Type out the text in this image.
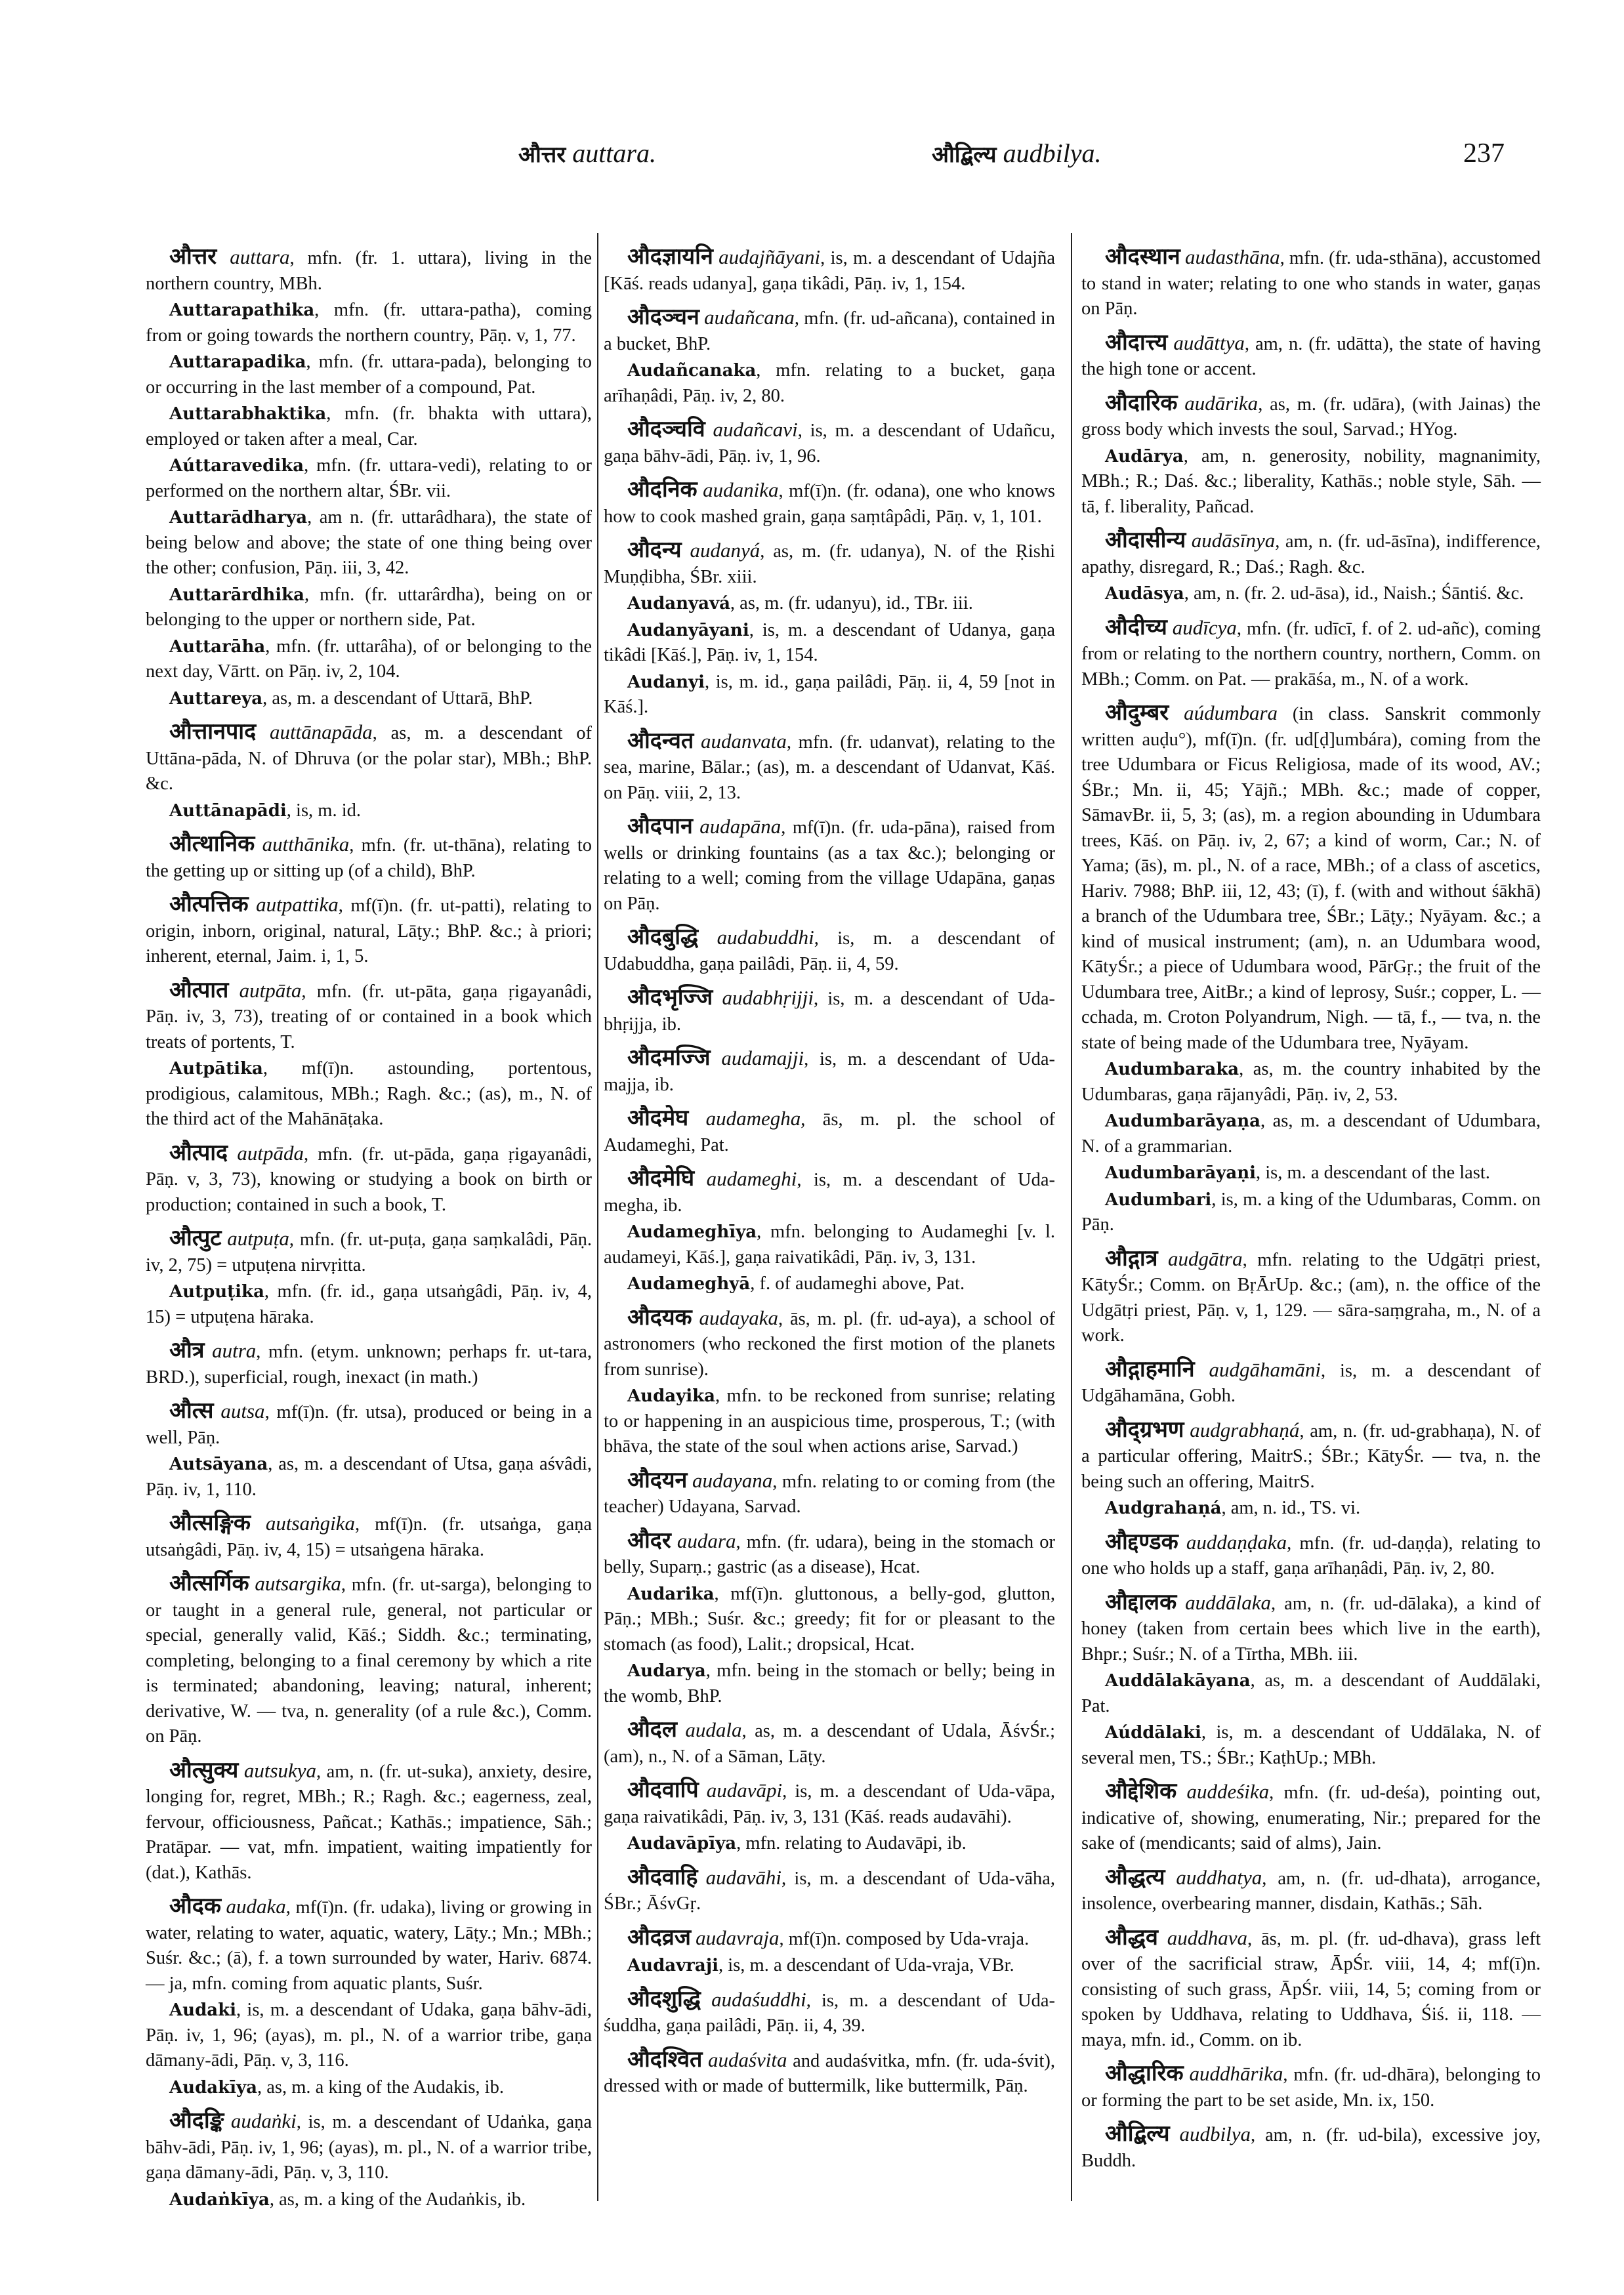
औत्तर auttara.	औद्बिल्य audbilya.	237

औत्तर auttara, mfn. (fr. 1. uttara), living in the northern country, MBh.

Auttarapathika, mfn. (fr. uttara-patha), coming from or going towards the northern country, Pāṇ. v, 1, 77.

Auttarapadika, mfn. (fr. uttara-pada), belonging to or occurring in the last member of a compound, Pat.

Auttarabhaktika, mfn. (fr. bhakta with uttara), employed or taken after a meal, Car.

Aúttaravedika, mfn. (fr. uttara-vedi), relating to or performed on the northern altar, ŚBr. vii.

Auttarādharya, am n. (fr. uttarâdhara), the state of being below and above; the state of one thing being over the other; confusion, Pāṇ. iii, 3, 42.

Auttarārdhika, mfn. (fr. uttarârdha), being on or belonging to the upper or northern side, Pat.

Auttarāha, mfn. (fr. uttarâha), of or belonging to the next day, Vārtt. on Pāṇ. iv, 2, 104.

Auttareya, as, m. a descendant of Uttarā, BhP.

औत्तानपाद auttānapāda, as, m. a descendant of Uttāna-pāda, N. of Dhruva (or the polar star), MBh.; BhP. &c.

Auttānapādi, is, m. id.

औत्थानिक autthānika, mfn. (fr. ut-thāna), relating to the getting up or sitting up (of a child), BhP.

औत्पत्तिक autpattika, mf(ī)n. (fr. ut-patti), relating to origin, inborn, original, natural, Lāṭy.; BhP. &c.; à priori; inherent, eternal, Jaim. i, 1, 5.

औत्पात autpāta, mfn. (fr. ut-pāta, gaṇa ṛigayanâdi, Pāṇ. iv, 3, 73), treating of or contained in a book which treats of portents, T.

Autpātika, mf(ī)n. astounding, portentous, prodigious, calamitous, MBh.; Ragh. &c.; (as), m., N. of the third act of the Mahānāṭaka.

औत्पाद autpāda, mfn. (fr. ut-pāda, gaṇa ṛigayanâdi, Pāṇ. v, 3, 73), knowing or studying a book on birth or production; contained in such a book, T.

औत्पुट autpuṭa, mfn. (fr. ut-puṭa, gaṇa saṃkalâdi, Pāṇ. iv, 2, 75) = utpuṭena nirvṛitta.

Autpuṭika, mfn. (fr. id., gaṇa utsaṅgâdi, Pāṇ. iv, 4, 15) = utpuṭena hāraka.

औत्र autra, mfn. (etym. unknown; perhaps fr. ut-tara, BRD.), superficial, rough, inexact (in math.)

औत्स autsa, mf(ī)n. (fr. utsa), produced or being in a well, Pāṇ.

Autsāyana, as, m. a descendant of Utsa, gaṇa aśvâdi, Pāṇ. iv, 1, 110.

औत्सङ्गिक autsaṅgika, mf(ī)n. (fr. utsaṅga, gaṇa utsaṅgâdi, Pāṇ. iv, 4, 15) = utsaṅgena hāraka.

औत्सर्गिक autsargika, mfn. (fr. ut-sarga), belonging to or taught in a general rule, general, not particular or special, generally valid, Kāś.; Siddh. &c.; terminating, completing, belonging to a final ceremony by which a rite is terminated; abandoning, leaving; natural, inherent; derivative, W. — tva, n. generality (of a rule &c.), Comm. on Pāṇ.

औत्सुक्य autsukya, am, n. (fr. ut-suka), anxiety, desire, longing for, regret, MBh.; R.; Ragh. &c.; eagerness, zeal, fervour, officiousness, Pañcat.; Kathās.; impatience, Sāh.; Pratāpar. — vat, mfn. impatient, waiting impatiently for (dat.), Kathās.

औदक audaka, mf(ī)n. (fr. udaka), living or growing in water, relating to water, aquatic, watery, Lāṭy.; Mn.; MBh.; Suśr. &c.; (ā), f. a town surrounded by water, Hariv. 6874. — ja, mfn. coming from aquatic plants, Suśr.

Audaki, is, m. a descendant of Udaka, gaṇa bāhv-ādi, Pāṇ. iv, 1, 96; (ayas), m. pl., N. of a warrior tribe, gaṇa dāmany-ādi, Pāṇ. v, 3, 116.

Audakīya, as, m. a king of the Audakis, ib.

औदङ्कि audaṅki, is, m. a descendant of Udaṅka, gaṇa bāhv-ādi, Pāṇ. iv, 1, 96; (ayas), m. pl., N. of a warrior tribe, gaṇa dāmany-ādi, Pāṇ. v, 3, 110.

Audaṅkīya, as, m. a king of the Audaṅkis, ib.

औदज्ञायनि audajñāyani, is, m. a descendant of Udajña [Kāś. reads udanya], gaṇa tikâdi, Pāṇ. iv, 1, 154.

औदञ्चन audañcana, mfn. (fr. ud-añcana), contained in a bucket, BhP.

Audañcanaka, mfn. relating to a bucket, gaṇa arīhaṇâdi, Pāṇ. iv, 2, 80.

औदञ्चवि audañcavi, is, m. a descendant of Udañcu, gaṇa bāhv-ādi, Pāṇ. iv, 1, 96.

औदनिक audanika, mf(ī)n. (fr. odana), one who knows how to cook mashed grain, gaṇa saṃtâpâdi, Pāṇ. v, 1, 101.

औदन्य audanyá, as, m. (fr. udanya), N. of the Ṛishi Muṇḍibha, ŚBr. xiii.

Audanyavá, as, m. (fr. udanyu), id., TBr. iii.

Audanyāyani, is, m. a descendant of Udanya, gaṇa tikâdi [Kāś.], Pāṇ. iv, 1, 154.

Audanyi, is, m. id., gaṇa pailâdi, Pāṇ. ii, 4, 59 [not in Kāś.].

औदन्वत audanvata, mfn. (fr. udanvat), relating to the sea, marine, Bālar.; (as), m. a descendant of Udanvat, Kāś. on Pāṇ. viii, 2, 13.

औदपान audapāna, mf(ī)n. (fr. uda-pāna), raised from wells or drinking fountains (as a tax &c.); belonging or relating to a well; coming from the village Udapāna, gaṇas on Pāṇ.

औदबुद्धि audabuddhi, is, m. a descendant of Udabuddha, gaṇa pailâdi, Pāṇ. ii, 4, 59.

औदभृज्जि audabhṛijji, is, m. a descendant of Uda-bhṛijja, ib.

औदमज्जि audamajji, is, m. a descendant of Uda-majja, ib.

औदमेघ audamegha, ās, m. pl. the school of Audameghi, Pat.

औदमेघि audameghi, is, m. a descendant of Uda-megha, ib.

Audameghīya, mfn. belonging to Audameghi [v. l. audameyi, Kāś.], gaṇa raivatikâdi, Pāṇ. iv, 3, 131.

Audameghyā, f. of audameghi above, Pat.

औदयक audayaka, ās, m. pl. (fr. ud-aya), a school of astronomers (who reckoned the first motion of the planets from sunrise).

Audayika, mfn. to be reckoned from sunrise; relating to or happening in an auspicious time, prosperous, T.; (with bhāva, the state of the soul when actions arise, Sarvad.)

औदयन audayana, mfn. relating to or coming from (the teacher) Udayana, Sarvad.

औदर audara, mfn. (fr. udara), being in the stomach or belly, Suparṇ.; gastric (as a disease), Hcat.

Audarika, mf(ī)n. gluttonous, a belly-god, glutton, Pāṇ.; MBh.; Suśr. &c.; greedy; fit for or pleasant to the stomach (as food), Lalit.; dropsical, Hcat.

Audarya, mfn. being in the stomach or belly; being in the womb, BhP.

औदल audala, as, m. a descendant of Udala, ĀśvŚr.; (am), n., N. of a Sāman, Lāṭy.

औदवापि audavāpi, is, m. a descendant of Uda-vāpa, gaṇa raivatikâdi, Pāṇ. iv, 3, 131 (Kāś. reads audavāhi).

Audavāpīya, mfn. relating to Audavāpi, ib.

औदवाहि audavāhi, is, m. a descendant of Uda-vāha, ŚBr.; ĀśvGṛ.

औदव्रज audavraja, mf(ī)n. composed by Uda-vraja.

Audavraji, is, m. a descendant of Uda-vraja, VBr.

औदशुद्धि audaśuddhi, is, m. a descendant of Uda-śuddha, gaṇa pailâdi, Pāṇ. ii, 4, 39.

औदश्वित audaśvita and audaśvitka, mfn. (fr. uda-śvit), dressed with or made of buttermilk, like buttermilk, Pāṇ.

औदस्थान audasthāna, mfn. (fr. uda-sthāna), accustomed to stand in water; relating to one who stands in water, gaṇas on Pāṇ.

औदात्त्य audāttya, am, n. (fr. udātta), the state of having the high tone or accent.

औदारिक audārika, as, m. (fr. udāra), (with Jainas) the gross body which invests the soul, Sarvad.; HYog.

Audārya, am, n. generosity, nobility, magnanimity, MBh.; R.; Daś. &c.; liberality, Kathās.; noble style, Sāh. — tā, f. liberality, Pañcad.

औदासीन्य audāsīnya, am, n. (fr. ud-āsīna), indifference, apathy, disregard, R.; Daś.; Ragh. &c.

Audāsya, am, n. (fr. 2. ud-āsa), id., Naish.; Śāntiś. &c.

औदीच्य audīcya, mfn. (fr. udīcī, f. of 2. ud-añc), coming from or relating to the northern country, northern, Comm. on MBh.; Comm. on Pat. — prakāśa, m., N. of a work.

औदुम्बर aúdumbara (in class. Sanskrit commonly written auḍu°), mf(ī)n. (fr. ud[ḍ]umbára), coming from the tree Udumbara or Ficus Religiosa, made of its wood, AV.; ŚBr.; Mn. ii, 45; Yājñ.; MBh. &c.; made of copper, SāmavBr. ii, 5, 3; (as), m. a region abounding in Udumbara trees, Kāś. on Pāṇ. iv, 2, 67; a kind of worm, Car.; N. of Yama; (ās), m. pl., N. of a race, MBh.; of a class of ascetics, Hariv. 7988; BhP. iii, 12, 43; (ī), f. (with and without śākhā) a branch of the Udumbara tree, ŚBr.; Lāṭy.; Nyāyam. &c.; a kind of musical instrument; (am), n. an Udumbara wood, KātyŚr.; a piece of Udumbara wood, PārGṛ.; the fruit of the Udumbara tree, AitBr.; a kind of leprosy, Suśr.; copper, L. — cchada, m. Croton Polyandrum, Nigh. — tā, f., — tva, n. the state of being made of the Udumbara tree, Nyāyam.

Audumbaraka, as, m. the country inhabited by the Udumbaras, gaṇa rājanyâdi, Pāṇ. iv, 2, 53.

Audumbarāyaṇa, as, m. a descendant of Udumbara, N. of a grammarian.

Audumbarāyaṇi, is, m. a descendant of the last.

Audumbari, is, m. a king of the Udumbaras, Comm. on Pāṇ.

औद्गात्र audgātra, mfn. relating to the Udgātṛi priest, KātyŚr.; Comm. on BṛĀrUp. &c.; (am), n. the office of the Udgātṛi priest, Pāṇ. v, 1, 129. — sāra-saṃgraha, m., N. of a work.

औद्गाहमानि audgāhamāni, is, m. a descendant of Udgāhamāna, Gobh.

औद्ग्रभण audgrabhaṇá, am, n. (fr. ud-grabhaṇa), N. of a particular offering, MaitrS.; ŚBr.; KātyŚr. — tva, n. the being such an offering, MaitrS.

Audgrahaṇá, am, n. id., TS. vi.

औद्दण्डक auddaṇḍaka, mfn. (fr. ud-daṇḍa), relating to one who holds up a staff, gaṇa arīhaṇâdi, Pāṇ. iv, 2, 80.

औद्दालक auddālaka, am, n. (fr. ud-dālaka), a kind of honey (taken from certain bees which live in the earth), Bhpr.; Suśr.; N. of a Tīrtha, MBh. iii.

Auddālakāyana, as, m. a descendant of Auddālaki, Pat.

Aúddālaki, is, m. a descendant of Uddālaka, N. of several men, TS.; ŚBr.; KaṭhUp.; MBh.

औद्देशिक auddeśika, mfn. (fr. ud-deśa), pointing out, indicative of, showing, enumerating, Nir.; prepared for the sake of (mendicants; said of alms), Jain.

औद्धत्य auddhatya, am, n. (fr. ud-dhata), arrogance, insolence, overbearing manner, disdain, Kathās.; Sāh.

औद्धव auddhava, ās, m. pl. (fr. ud-dhava), grass left over of the sacrificial straw, ĀpŚr. viii, 14, 4; mf(ī)n. consisting of such grass, ĀpŚr. viii, 14, 5; coming from or spoken by Uddhava, relating to Uddhava, Śiś. ii, 118. — maya, mfn. id., Comm. on ib.

औद्धारिक auddhārika, mfn. (fr. ud-dhāra), belonging to or forming the part to be set aside, Mn. ix, 150.

औद्बिल्य audbilya, am, n. (fr. ud-bila), excessive joy, Buddh.
